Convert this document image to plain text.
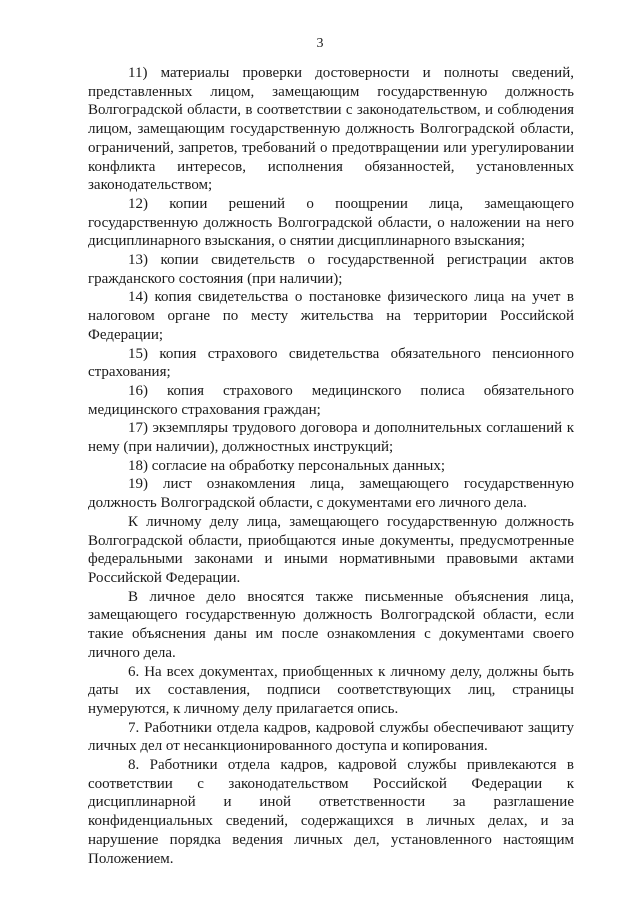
3

11) материалы проверки достоверности и полноты сведений, представленных лицом, замещающим государственную должность Волгоградской области, в соответствии с законодательством, и соблюдения лицом, замещающим государственную должность Волгоградской области, ограничений, запретов, требований о предотвращении или урегулировании конфликта интересов, исполнения обязанностей, установленных законодательством;

12) копии решений о поощрении лица, замещающего государственную должность Волгоградской области, о наложении на него дисциплинарного взыскания, о снятии дисциплинарного взыскания;

13) копии свидетельств о государственной регистрации актов гражданского состояния (при наличии);

14) копия свидетельства о постановке физического лица на учет в налоговом органе по месту жительства на территории Российской Федерации;

15) копия страхового свидетельства обязательного пенсионного страхования;

16) копия страхового медицинского полиса обязательного медицинского страхования граждан;

17) экземпляры трудового договора и дополнительных соглашений к нему (при наличии), должностных инструкций;

18) согласие на обработку персональных данных;

19) лист ознакомления лица, замещающего государственную должность Волгоградской области, с документами его личного дела.

К личному делу лица, замещающего государственную должность Волгоградской области, приобщаются иные документы, предусмотренные федеральными законами и иными нормативными правовыми актами Российской Федерации.

В личное дело вносятся также письменные объяснения лица, замещающего государственную должность Волгоградской области, если такие объяснения даны им после ознакомления с документами своего личного дела.

6. На всех документах, приобщенных к личному делу, должны быть даты их составления, подписи соответствующих лиц, страницы нумеруются, к личному делу прилагается опись.

7. Работники отдела кадров, кадровой службы обеспечивают защиту личных дел от несанкционированного доступа и копирования.

8. Работники отдела кадров, кадровой службы привлекаются в соответствии с законодательством Российской Федерации к дисциплинарной и иной ответственности за разглашение конфиденциальных сведений, содержащихся в личных делах, и за нарушение порядка ведения личных дел, установленного настоящим Положением.
